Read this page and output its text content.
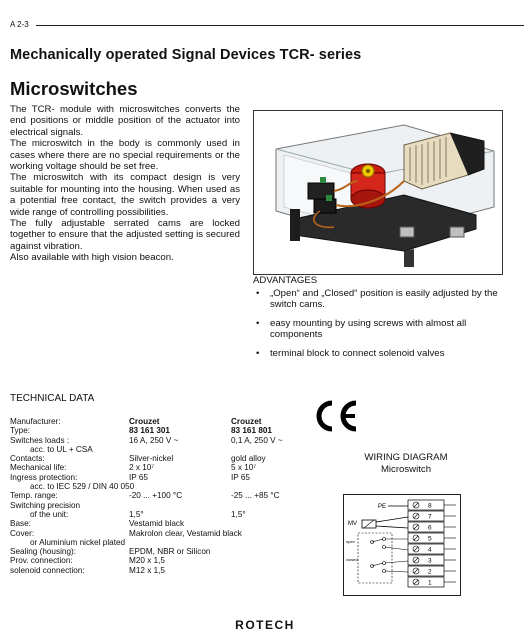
A 2-3
Mechanically operated Signal Devices TCR- series
Microswitches

The TCR- module with microswitches converts the end positions or middle position of the actuator into electrical signals.

The microswitch in the body is commonly used in cases where there are no special requirements or the working voltage should be set free.

The microswitch with its compact design is very suitable for mounting into the housing. When used as a potential free contact, the switch provides a very wide range of controlling possibilities.

The fully adjustable serrated cams are locked together to ensure that the adjusted setting is secured against vibration.

Also available with high vision beacon.

ADVANTAGES
• „Open“ and „Closed“ position is easily adjusted by the switch cams.
• easy mounting by using screws with almost all components
• terminal block to connect solenoid valves
TECHNICAL DATA
Manufacturer:	Crouzet	Crouzet
Type:	83 161 301	83 161 801
Switches loads :	16 A, 250 V ~	0,1 A, 250 V ~
acc. to UL + CSA
Contacts:	Silver-nickel	gold alloy
Mechanical life:	2 x 10⁷	5 x 10⁷
Ingress protection:	IP 65	IP 65
acc. to IEC 529 / DIN 40 050
Temp. range:	-20 ... +100 °C	-25 ... +85 °C
Switching precision
of the unit:	1,5°	1,5°
Base:	Vestamid black
Cover:	Makrolon clear, Vestamid black
or Aluminium nickel plated
Sealing (housing):	EPDM, NBR or Silicon
Prov. connection:	M20 x 1,5
solenoid connection:	M12 x 1,5
WIRING DIAGRAM
Microswitch
8
7
6
5
4
3
2
1
PE
MV
open
closed
ROTECH
